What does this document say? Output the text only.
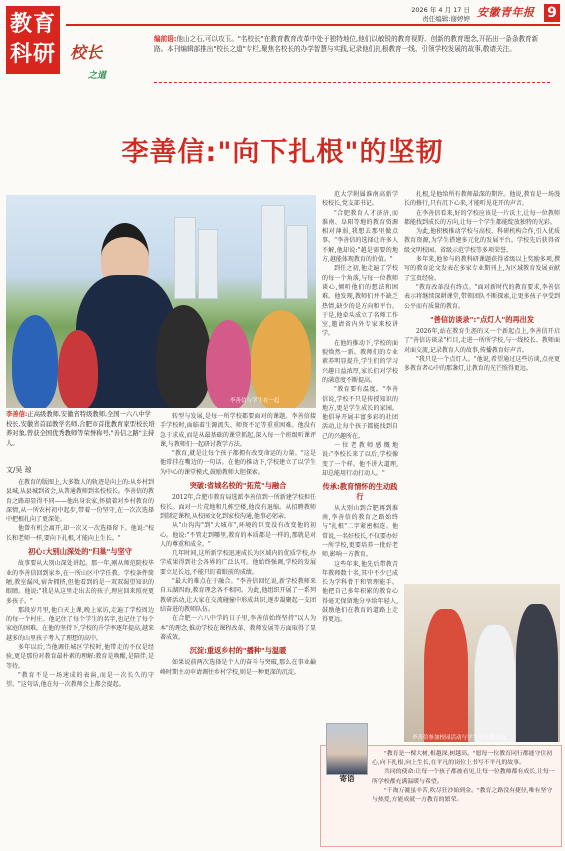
教育
科研
2026 年 4 月 17 日
责任编辑:谢婷婷 安徽青年报 9
校长
之道
编前语:他山之石,可以攻玉。"名校长"在教育教育改革中处于独特地位,他们以敏锐的教育视野、创新的教育理念,开拓出一条条教育新路。本刊编辑部推出"校长之道"专栏,聚焦名校长的办学智慧与实践,记录他们扎根教育一线、引领学校发展的故事,敬请关注。
李善信:"向下扎根"的坚韧
李善信与学生在一起
李善信:正高级教师,安徽省特级教师,全国一六八中学校长,安徽省首届教学名师,合肥市首批教育家型校长培养对象,曾获全国优秀教师等荣誉称号,"善信之路"主持人。
文/吴 琼

在教育的版图上,大多数人的轨迹是向上的:从乡村到县城,从县城到省会,从普通教师到名校校长。李善信的教育之路却显得不同——他出身农家,怀揣着对乡村教育的深情,从一所农村初中起步,带着一份坚守,在一次次选择中把根扎向了更深处。

他曾有机会离开,却一次又一次选择留下。他说:"校长和老师一样,要向下扎根,才能向上生长。"

初心:大别山深处的"归巢"与坚守

故事要从大别山深处讲起。那一年,刚从师范院校毕业的李善信回到家乡,在一所山区中学任教。学校条件简陋,教室漏风,宿舍拥挤,但他看到的是一双双渴望知识的眼睛。他说:"我是从这里走出去的孩子,理应回来照亮更多孩子。"

那段岁月里,他白天上课,晚上家访,走遍了学校周边的每一个村庄。他记住了每个学生的名字,也记住了每个家庭的困难。在他的坚持下,学校的升学率逐年提高,越来越多的山里孩子考入了理想的高中。

多年以后,当他调任城区学校时,他带走的不仅是经验,更是那份对教育最朴素的理解:教育是唤醒,是陪伴,是等待。

"教育不是一场速成的表演,而是一次长久的守望。"这句话,他在每一次教师会上都会提起。

转型与发展,是每一所学校都要面对的课题。李善信接手学校时,面临着生源流失、师资不足等重重困难。他没有急于求成,而是从最基础的课堂抓起,深入每一个班级听课评课,与教师们一起研讨教学方法。

"教育,就是让每个孩子都拥有改变命运的力量。"这是他常挂在嘴边的一句话。在他的推动下,学校建立了以学生为中心的课堂模式,鼓励教师大胆探索。

突破:省城名校的"拓荒"与融合

2012年,合肥市教育局选派李善信到一所新建学校担任校长。面对一片荒地和几栋空楼,他没有退缩。从招聘教师到制定课程,从校园文化到家校沟通,他事必躬亲。

从"山沟沟"到"大城市",环境的巨变没有改变他的初心。他说:"不管走到哪里,教育的本质都是一样的,那就是对人的尊重和成全。"

几年时间,这所新学校迅速成长为区域内的优质学校,办学成果得到社会各界的广泛认可。他始终强调,学校的发展要立足长远,不能只盯着眼前的成绩。

"最大的难点在于融合。"李善信回忆说,新学校教师来自五湖四海,教育理念各不相同。为此,他组织开展了一系列教研活动,让大家在交流碰撞中形成共识,逐步凝聚起一支团结奋进的教师队伍。

在合肥一六八中学的日子里,李善信始终坚持"以人为本"的理念,推动学校在课程改革、教师发展等方面取得了显著成效。

沉淀:重返乡村的"播种"与温暖

如果说前两次选择是个人的奋斗与突破,那么在事业巅峰时期主动申请调往乡村学校,则是一种更深的沉淀。

范大学附属淮南高新学校校长,党支部书记。

"合肥教育人才济济,而淮南、阜阳等地的教育资源相对薄弱,我想去那里做点事。"李善信的选择让许多人不解,他却说:"越是需要的地方,越能体现教育的价值。"

到任之初,他走遍了学校的每一个角落,与每一位教师谈心,倾听他们的想法和困难。他发现,教师们并不缺乏热情,缺少的是方向和平台。于是,他牵头成立了名师工作室,邀请省内外专家来校讲学。

在他的推动下,学校的面貌焕然一新。教师们的专业素养明显提升,学生们的学习兴趣日益浓厚,家长们对学校的满意度不断提高。

"教育要有温度。"李善信说,学校不只是传授知识的地方,更是学生成长的家园。他倡导开展丰富多彩的社团活动,让每个孩子都能找到自己的兴趣所在。

一位老教师感慨地说:"李校长来了以后,学校像变了一个样。他不讲大道理,却总能用行动打动人。"

传承:教育情怀的生动践行

从大别山到合肥再到淮南,李善信的教育之路始终与"扎根"二字紧密相连。他常说,一名好校长,不仅要办好一所学校,更要培养一批好老师,影响一方教育。

这些年来,他先后带教青年教师数十名,其中不少已成长为学科骨干和管理能手。他把自己多年积累的教育心得毫无保留地分享给年轻人,鼓励他们在教育的道路上走得更远。

扎根,是他给所有教师最深的期许。他说,教育是一场漫长的修行,只有沉下心来,才能听见花开的声音。

在李善信看来,好的学校应该是一片沃土,让每一位教师都能找到成长的方向,让每一个学生都能绽放独特的光彩。

为此,他积极推动学校与高校、科研机构合作,引入优质教育资源,为学生搭建多元化的发展平台。学校先后获得省级文明校园、省级示范学校等多项荣誉。

多年来,他参与的教科研课题获得省级以上奖励多项,撰写的教育论文发表在多家专业期刊上,为区域教育发展贡献了宝贵经验。

"教育改革没有终点。"面对新时代的教育要求,李善信表示将继续深耕课堂,带领团队不断探索,让更多孩子享受到公平而有质量的教育。

"善信访谈录":"点灯人"的再出发

2026年,站在教育生涯的又一个新起点上,李善信开启了"善信访谈录"栏目,走进一所所学校,与一线校长、教师面对面交流,记录教育人的故事,传播教育好声音。

"我只是一个点灯人。"他说,希望通过这些访谈,点亮更多教育者心中的那盏灯,让教育的光芒照得更远。

李善信参加校园活动与学生们互动交流
寄语

"教育是一棵大树,根越深,树越高。"愿每一位教育同行都能守住初心,向下扎根,向上生长,在平凡的岗位上书写不平凡的故事。

共同的使命:让每一个孩子都被看见,让每一位教师都有成长,让每一所学校都充满温暖与希望。

"千淘万漉虽辛苦,吹尽狂沙始到金。"教育之路没有捷径,唯有坚守与热爱,方能成就一方教育的繁荣。
